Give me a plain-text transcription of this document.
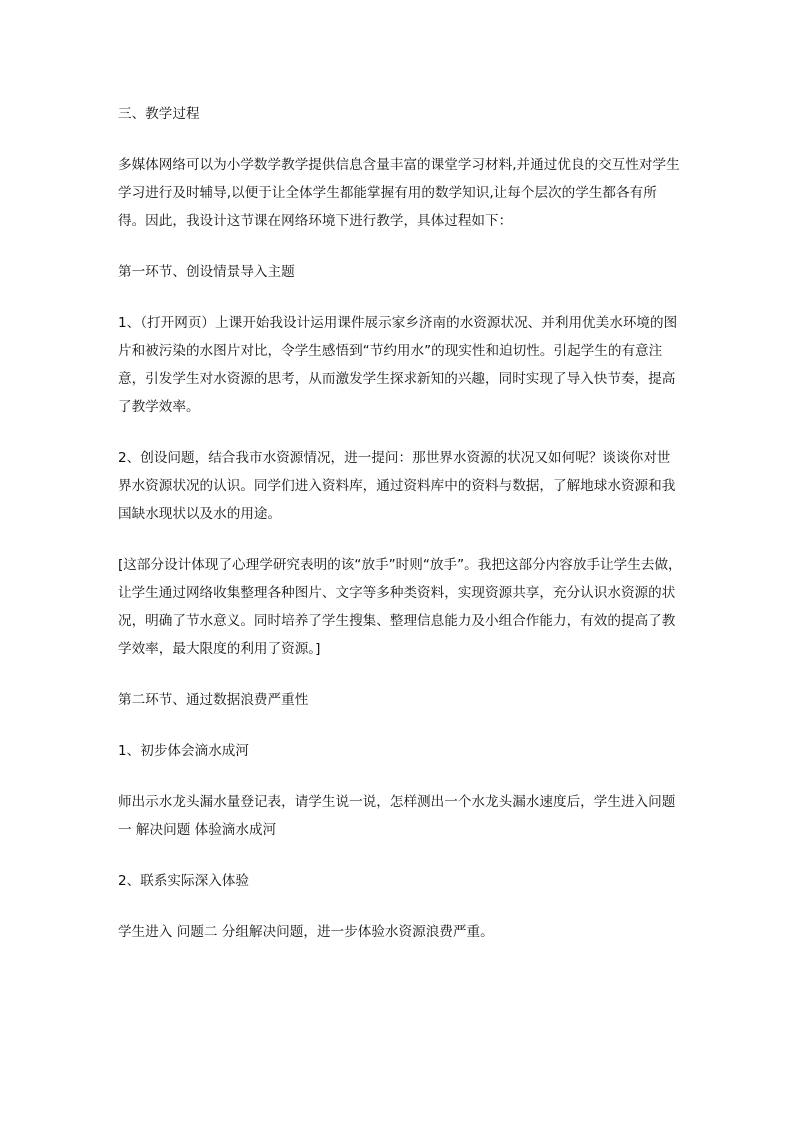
三、教学过程

多媒体网络可以为小学数学教学提供信息含量丰富的课堂学习材料,并通过优良的交互性对学生学习进行及时辅导,以便于让全体学生都能掌握有用的数学知识,让每个层次的学生都各有所得。因此，我设计这节课在网络环境下进行教学，具体过程如下：

第一环节、创设情景导入主题

1、（打开网页）上课开始我设计运用课件展示家乡济南的水资源状况、并利用优美水环境的图片和被污染的水图片对比，令学生感悟到“节约用水”的现实性和迫切性。引起学生的有意注意，引发学生对水资源的思考，从而激发学生探求新知的兴趣，同时实现了导入快节奏，提高了教学效率。

2、创设问题，结合我市水资源情况，进一提问：那世界水资源的状况又如何呢？谈谈你对世界水资源状况的认识。同学们进入资料库，通过资料库中的资料与数据，了解地球水资源和我国缺水现状以及水的用途。

[这部分设计体现了心理学研究表明的该“放手”时则“放手”。我把这部分内容放手让学生去做，让学生通过网络收集整理各种图片、文字等多种类资料，实现资源共享，充分认识水资源的状况，明确了节水意义。同时培养了学生搜集、整理信息能力及小组合作能力，有效的提高了教学效率，最大限度的利用了资源。]

第二环节、通过数据浪费严重性

1、初步体会滴水成河

师出示水龙头漏水量登记表，请学生说一说，怎样测出一个水龙头漏水速度后，学生进入问题一 解决问题 体验滴水成河

2、联系实际深入体验

学生进入 问题二 分组解决问题，进一步体验水资源浪费严重。
